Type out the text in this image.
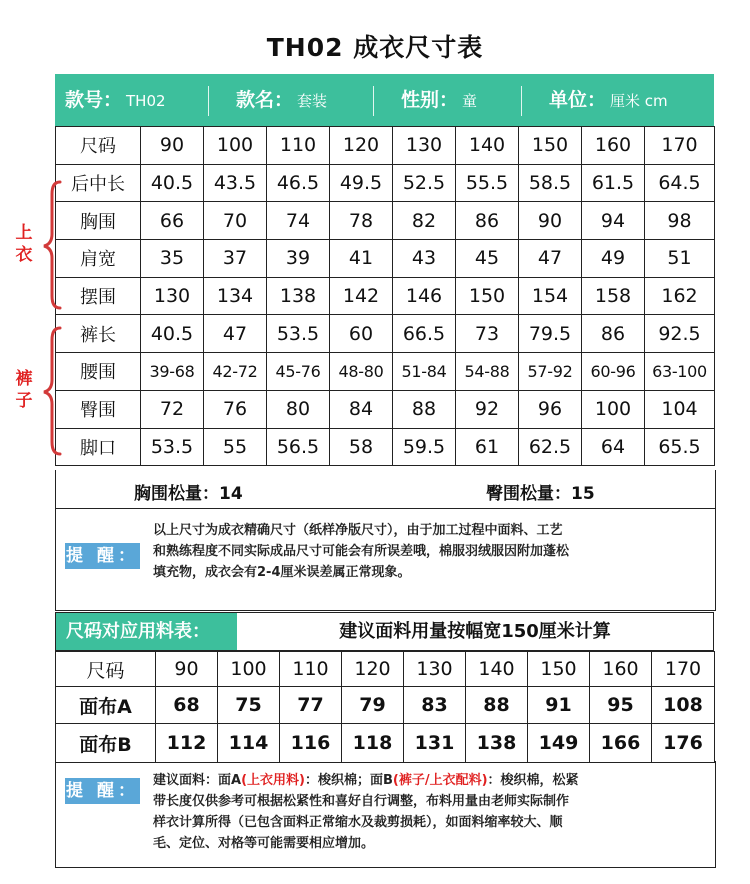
TH02 成衣尺寸表
款号： TH02	款名： 套装	性别： 童	单位： 厘米 cm
尺码	90	100	110	120	130	140	150	160	170
后中长	40.5	43.5	46.5	49.5	52.5	55.5	58.5	61.5	64.5
胸围	66	70	74	78	82	86	90	94	98
肩宽	35	37	39	41	43	45	47	49	51
摆围	130	134	138	142	146	150	154	158	162
裤长	40.5	47	53.5	60	66.5	73	79.5	86	92.5
腰围	39-68	42-72	45-76	48-80	51-84	54-88	57-92	60-96	63-100
臀围	72	76	80	84	88	92	96	100	104
脚口	53.5	55	56.5	58	59.5	61	62.5	64	65.5
上衣
裤子
胸围松量：14	臀围松量：15
提 醒：
以上尺寸为成衣精确尺寸（纸样净版尺寸），由于加工过程中面料、工艺
和熟练程度不同实际成品尺寸可能会有所误差哦，棉服羽绒服因附加蓬松
填充物，成衣会有2-4厘米误差属正常现象。
尺码对应用料表：	建议面料用量按幅宽150厘米计算
尺码	90	100	110	120	130	140	150	160	170
面布A	68	75	77	79	83	88	91	95	108
面布B	112	114	116	118	131	138	149	166	176
提 醒：
建议面料：面A(上衣用料)：梭织棉；面B(裤子/上衣配料)：梭织棉，松紧
带长度仅供参考可根据松紧性和喜好自行调整，布料用量由老师实际制作
样衣计算所得（已包含面料正常缩水及裁剪损耗），如面料缩率较大、顺
毛、定位、对格等可能需要相应增加。
